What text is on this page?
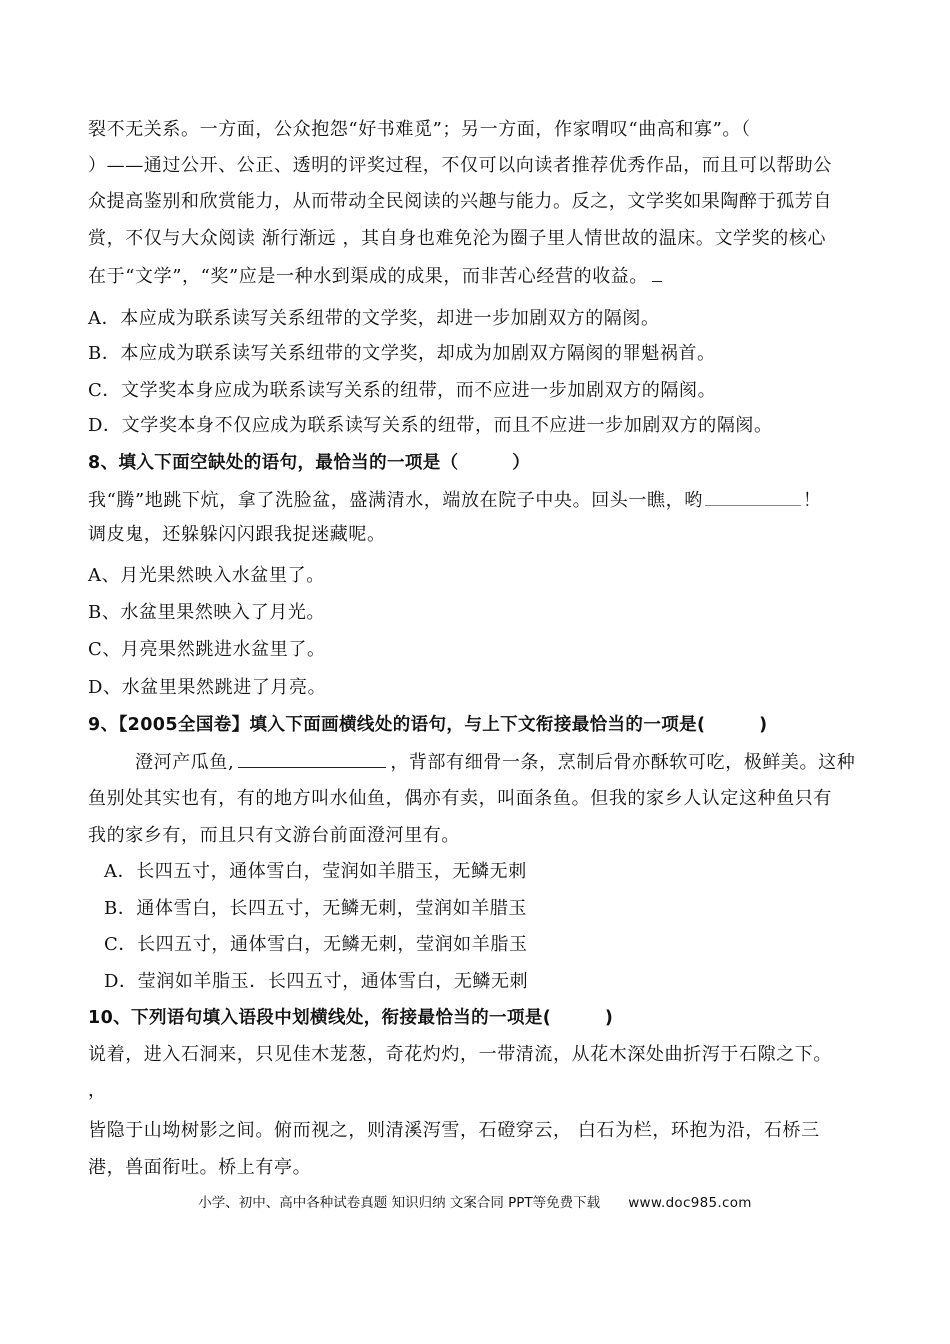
裂不无关系。一方面，公众抱怨“好书难觅”；另一方面，作家喟叹“曲高和寡”。（
）——通过公开、公正、透明的评奖过程，不仅可以向读者推荐优秀作品，而且可以帮助公
众提高鉴别和欣赏能力，从而带动全民阅读的兴趣与能力。反之，文学奖如果陶醉于孤芳自
赏，不仅与大众阅读 渐行渐远 ，其自身也难免沦为圈子里人情世故的温床。文学奖的核心
在于“文学”，“奖”应是一种水到渠成的成果，而非苦心经营的收益。
A．本应成为联系读写关系纽带的文学奖，却进一步加剧双方的隔阂。
B．本应成为联系读写关系纽带的文学奖，却成为加剧双方隔阂的罪魁祸首。
C．文学奖本身应成为联系读写关系的纽带，而不应进一步加剧双方的隔阂。
D．文学奖本身不仅应成为联系读写关系的纽带，而且不应进一步加剧双方的隔阂。
8、填入下面空缺处的语句，最恰当的一项是（　　　）
我“腾”地跳下炕，拿了洗脸盆，盛满清水，端放在院子中央。回头一瞧，哟	！
调皮鬼，还躲躲闪闪跟我捉迷藏呢。
A、月光果然映入水盆里了。
B、水盆里果然映入了月光。
C、月亮果然跳进水盆里了。
D、水盆里果然跳进了月亮。
9、【2005全国卷】填入下面画横线处的语句，与上下文衔接最恰当的一项是(　　　)
澄河产瓜鱼,	，背部有细骨一条，烹制后骨亦酥软可吃，极鲜美。这种
鱼别处其实也有，有的地方叫水仙鱼，偶亦有卖，叫面条鱼。但我的家乡人认定这种鱼只有
我的家乡有，而且只有文游台前面澄河里有。
A．长四五寸，通体雪白，莹润如羊腊玉，无鳞无刺
B．通体雪白，长四五寸，无鳞无刺，莹润如羊腊玉
C．长四五寸，通体雪白，无鳞无刺，莹润如羊脂玉
D．莹润如羊脂玉．长四五寸，通体雪白，无鳞无刺
10、下列语句填入语段中划横线处，衔接最恰当的一项是(　　　)
说着，进入石洞来，只见佳木茏葱，奇花灼灼，一带清流，从花木深处曲折泻于石隙之下。
，
皆隐于山坳树影之间。俯而视之，则清溪泻雪，石磴穿云， 白石为栏，环抱为沿，石桥三
港，兽面衔吐。桥上有亭。
小学、初中、高中各种试卷真题 知识归纳 文案合同 PPT等免费下载 www.doc985.com
